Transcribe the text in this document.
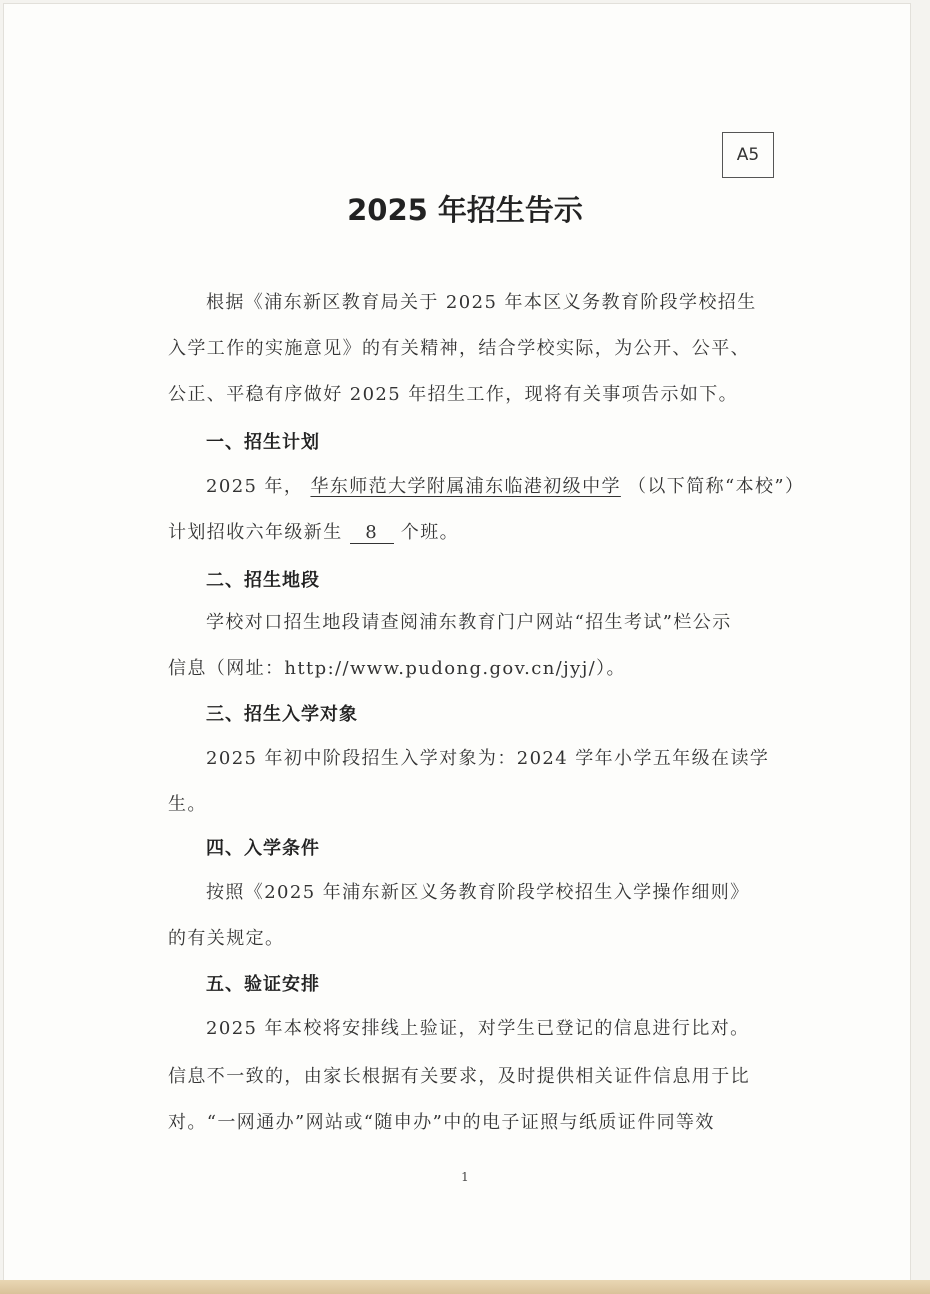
A5
2025 年招生告示
根据《浦东新区教育局关于 2025 年本区义务教育阶段学校招生
入学工作的实施意见》的有关精神，结合学校实际，为公开、公平、
公正、平稳有序做好 2025 年招生工作，现将有关事项告示如下。
一、招生计划
2025 年， 华东师范大学附属浦东临港初级中学 （以下简称“本校”）
计划招收六年级新生 8 个班。
二、招生地段
学校对口招生地段请查阅浦东教育门户网站“招生考试”栏公示
信息（网址：http://www.pudong.gov.cn/jyj/）。
三、招生入学对象
2025 年初中阶段招生入学对象为：2024 学年小学五年级在读学
生。
四、入学条件
按照《2025 年浦东新区义务教育阶段学校招生入学操作细则》
的有关规定。
五、验证安排
2025 年本校将安排线上验证，对学生已登记的信息进行比对。
信息不一致的，由家长根据有关要求，及时提供相关证件信息用于比
对。“一网通办”网站或“随申办”中的电子证照与纸质证件同等效
1
